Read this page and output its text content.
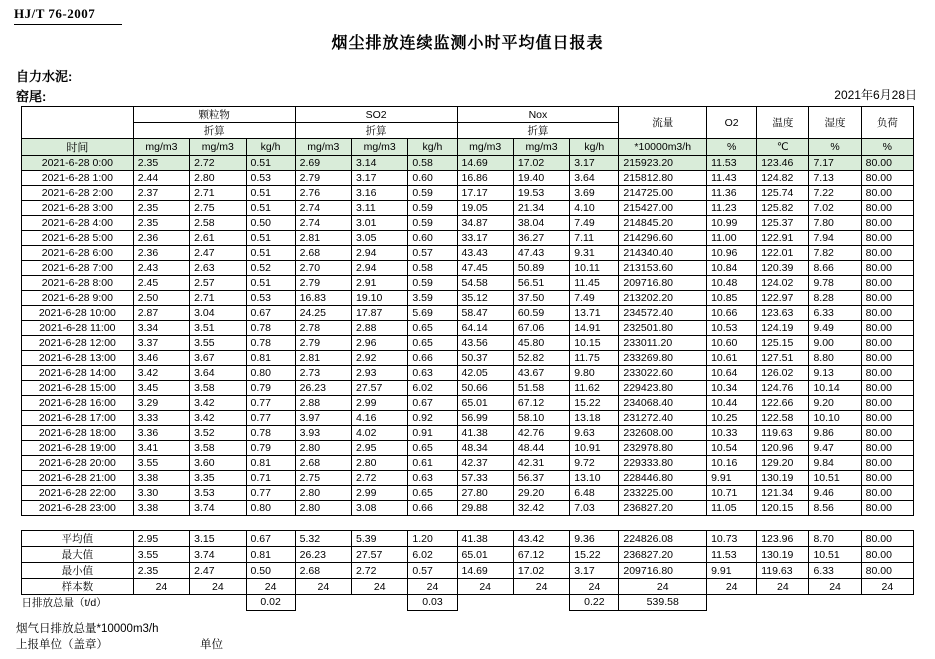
HJ/T 76-2007
烟尘排放连续监测小时平均值日报表
自力水泥:
窑尾:	2021年6月28日
	颗粒物			SO2			Nox			流量	O2	温度	湿度	负荷
	折算			折算			折算							
时间	mg/m3	mg/m3	kg/h	mg/m3	mg/m3	kg/h	mg/m3	mg/m3	kg/h	*10000m3/h	%	℃	%	%
2021-6-28 0:00	2.35	2.72	0.51	2.69	3.14	0.58	14.69	17.02	3.17	215923.20	11.53	123.46	7.17	80.00
2021-6-28 1:00	2.44	2.80	0.53	2.79	3.17	0.60	16.86	19.40	3.64	215812.80	11.43	124.82	7.13	80.00
2021-6-28 2:00	2.37	2.71	0.51	2.76	3.16	0.59	17.17	19.53	3.69	214725.00	11.36	125.74	7.22	80.00
2021-6-28 3:00	2.35	2.75	0.51	2.74	3.11	0.59	19.05	21.34	4.10	215427.00	11.23	125.82	7.02	80.00
2021-6-28 4:00	2.35	2.58	0.50	2.74	3.01	0.59	34.87	38.04	7.49	214845.20	10.99	125.37	7.80	80.00
2021-6-28 5:00	2.36	2.61	0.51	2.81	3.05	0.60	33.17	36.27	7.11	214296.60	11.00	122.91	7.94	80.00
2021-6-28 6:00	2.36	2.47	0.51	2.68	2.94	0.57	43.43	47.43	9.31	214340.40	10.96	122.01	7.82	80.00
2021-6-28 7:00	2.43	2.63	0.52	2.70	2.94	0.58	47.45	50.89	10.11	213153.60	10.84	120.39	8.66	80.00
2021-6-28 8:00	2.45	2.57	0.51	2.79	2.91	0.59	54.58	56.51	11.45	209716.80	10.48	124.02	9.78	80.00
2021-6-28 9:00	2.50	2.71	0.53	16.83	19.10	3.59	35.12	37.50	7.49	213202.20	10.85	122.97	8.28	80.00
2021-6-28 10:00	2.87	3.04	0.67	24.25	17.87	5.69	58.47	60.59	13.71	234572.40	10.66	123.63	6.33	80.00
2021-6-28 11:00	3.34	3.51	0.78	2.78	2.88	0.65	64.14	67.06	14.91	232501.80	10.53	124.19	9.49	80.00
2021-6-28 12:00	3.37	3.55	0.78	2.79	2.96	0.65	43.56	45.80	10.15	233011.20	10.60	125.15	9.00	80.00
2021-6-28 13:00	3.46	3.67	0.81	2.81	2.92	0.66	50.37	52.82	11.75	233269.80	10.61	127.51	8.80	80.00
2021-6-28 14:00	3.42	3.64	0.80	2.73	2.93	0.63	42.05	43.67	9.80	233022.60	10.64	126.02	9.13	80.00
2021-6-28 15:00	3.45	3.58	0.79	26.23	27.57	6.02	50.66	51.58	11.62	229423.80	10.34	124.76	10.14	80.00
2021-6-28 16:00	3.29	3.42	0.77	2.88	2.99	0.67	65.01	67.12	15.22	234068.40	10.44	122.66	9.20	80.00
2021-6-28 17:00	3.33	3.42	0.77	3.97	4.16	0.92	56.99	58.10	13.18	231272.40	10.25	122.58	10.10	80.00
2021-6-28 18:00	3.36	3.52	0.78	3.93	4.02	0.91	41.38	42.76	9.63	232608.00	10.33	119.63	9.86	80.00
2021-6-28 19:00	3.41	3.58	0.79	2.80	2.95	0.65	48.34	48.44	10.91	232978.80	10.54	120.96	9.47	80.00
2021-6-28 20:00	3.55	3.60	0.81	2.68	2.80	0.61	42.37	42.31	9.72	229333.80	10.16	129.20	9.84	80.00
2021-6-28 21:00	3.38	3.35	0.71	2.75	2.72	0.63	57.33	56.37	13.10	228446.80	9.91	130.19	10.51	80.00
2021-6-28 22:00	3.30	3.53	0.77	2.80	2.99	0.65	27.80	29.20	6.48	233225.00	10.71	121.34	9.46	80.00
2021-6-28 23:00	3.38	3.74	0.80	2.80	3.08	0.66	29.88	32.42	7.03	236827.20	11.05	120.15	8.56	80.00

平均值	2.95	3.15	0.67	5.32	5.39	1.20	41.38	43.42	9.36	224826.08	10.73	123.96	8.70	80.00
最大值	3.55	3.74	0.81	26.23	27.57	6.02	65.01	67.12	15.22	236827.20	11.53	130.19	10.51	80.00
最小值	2.35	2.47	0.50	2.68	2.72	0.57	14.69	17.02	3.17	209716.80	9.91	119.63	6.33	80.00
样本数	24	24	24	24	24	24	24	24	24	24	24	24	24	24
日排放总量（t/d）			0.02			0.03			0.22	539.58				
烟气日排放总量*10000m3/h
上报单位（盖章）	单位
